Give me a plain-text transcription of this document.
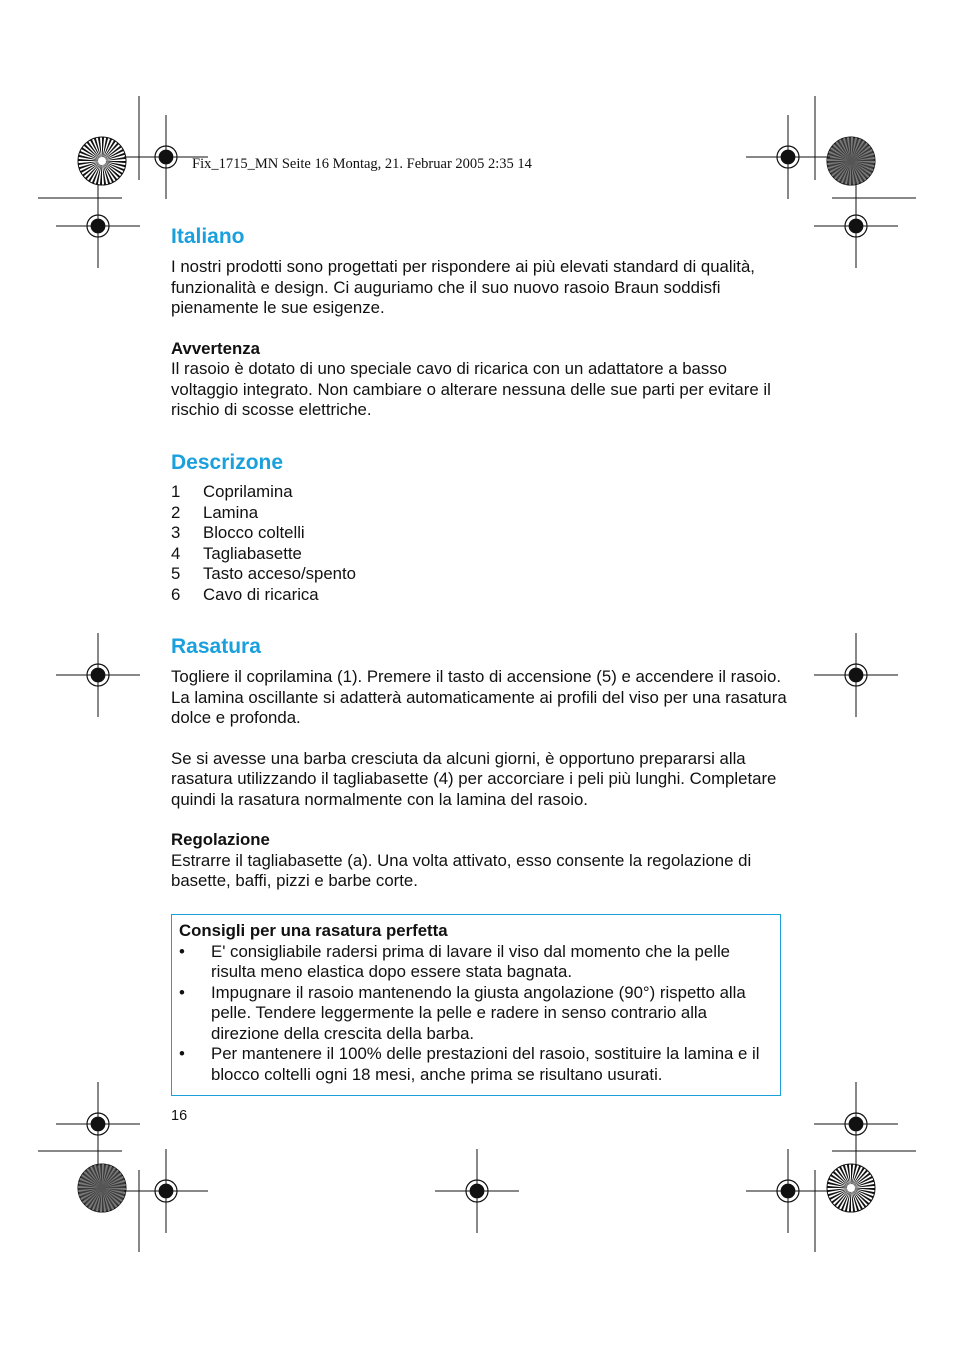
Fix_1715_MN Seite 16 Montag, 21. Februar 2005 2:35 14
Italiano

I nostri prodotti sono progettati per rispondere ai più elevati standard di qualità, funzionalità e design. Ci auguriamo che il suo nuovo rasoio Braun soddisfi pienamente le sue esigenze.

Avvertenza

Il rasoio è dotato di uno speciale cavo di ricarica con un adattatore a basso voltaggio integrato. Non cambiare o alterare nessuna delle sue parti per evitare il rischio di scosse elettriche.

Descrizone
1	Coprilamina
2	Lamina
3	Blocco coltelli
4	Tagliabasette
5	Tasto acceso/spento
6	Cavo di ricarica
Rasatura

Togliere il coprilamina (1). Premere il tasto di accensione (5) e accendere il rasoio. La lamina oscillante si adatterà automaticamente ai profili del viso per una rasatura dolce e profonda.

Se si avesse una barba cresciuta da alcuni giorni, è opportuno prepararsi alla rasatura utilizzando il tagliabasette (4) per accorciare i peli più lunghi. Completare quindi la rasatura normalmente con la lamina del rasoio.

Regolazione

Estrarre il tagliabasette (a). Una volta attivato, esso consente la regolazione di basette, baffi, pizzi e barbe corte.

Consigli per una rasatura perfetta
•	E' consigliabile radersi prima di lavare il viso dal momento che la pelle risulta meno elastica dopo essere stata bagnata.
•	Impugnare il rasoio mantenendo la giusta angolazione (90°) rispetto alla pelle. Tendere leggermente la pelle e radere in senso contrario alla direzione della crescita della barba.
•	Per mantenere il 100% delle prestazioni del rasoio, sostituire la lamina e il blocco coltelli ogni 18 mesi, anche prima se risultano usurati.
16
